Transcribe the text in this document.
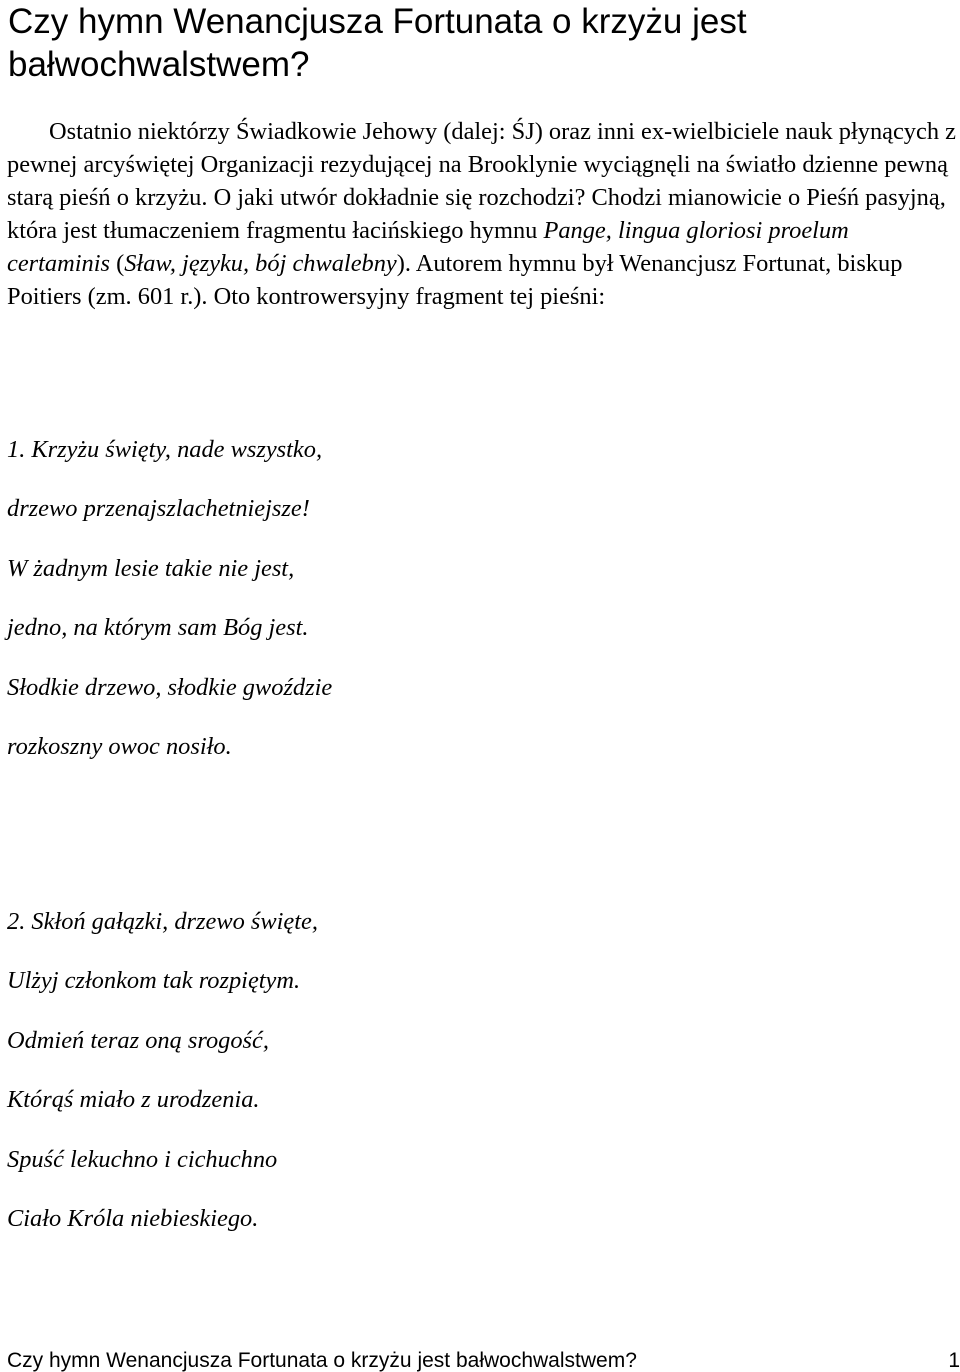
Czy hymn Wenancjusza Fortunata o krzyżu jest bałwochwalstwem?

Ostatnio niektórzy Świadkowie Jehowy (dalej: ŚJ) oraz inni ex-wielbiciele nauk płynących z pewnej arcyświętej Organizacji rezydującej na Brooklynie wyciągnęli na światło dzienne pewną starą pieśń o krzyżu. O jaki utwór dokładnie się rozchodzi? Chodzi mianowicie o Pieśń pasyjną, która jest tłumaczeniem fragmentu łacińskiego hymnu Pange, lingua gloriosi proelum certaminis (Sław, języku, bój chwalebny). Autorem hymnu był Wenancjusz Fortunat, biskup Poitiers (zm. 601 r.). Oto kontrowersyjny fragment tej pieśni:

1. Krzyżu święty, nade wszystko,
drzewo przenajszlachetniejsze!
W żadnym lesie takie nie jest,
jedno, na którym sam Bóg jest.
Słodkie drzewo, słodkie gwoździe
rozkoszny owoc nosiło.
2. Skłoń gałązki, drzewo święte,
Ulżyj członkom tak rozpiętym.
Odmień teraz oną srogość,
Którąś miało z urodzenia.
Spuść lekuchno i cichuchno
Ciało Króla niebieskiego.
Czy hymn Wenancjusza Fortunata o krzyżu jest bałwochwalstwem?	1
